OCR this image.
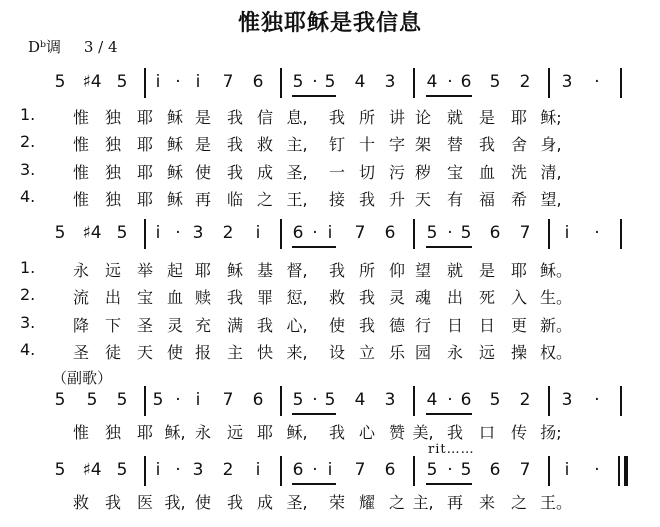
惟独耶稣是我信息
Dᵇ调 3 / 4
5	♯4 5	i · i	7	6	5 · 5	4	3	4 · 6	5	2	3	·
1.	惟 独 耶 稣 是 我 信 息, 我 所 讲 论 就 是 耶 稣;
2.	惟 独 耶 稣 是 我 救 主, 钉 十 字 架 替 我 舍 身,
3.	惟 独 耶 稣 使 我 成 圣, 一 切 污 秽 宝 血 洗 清,
4.	惟 独 耶 稣 再 临 之 王, 接 我 升 天 有 福 希 望,
5	♯4 5	i · 3	2	i	6 · i	7	6	5 · 5	6	7	i	·
1.	永 远 举 起 耶 稣 基 督, 我 所 仰 望 就 是 耶 稣。
2.	流 出 宝 血 赎 我 罪 愆, 救 我 灵 魂 出 死 入 生。
3.	降 下 圣 灵 充 满 我 心, 使 我 德 行 日 日 更 新。
4.	圣 徒 天 使 报 主 快 来, 设 立 乐 园 永 远 操 权。
（副歌）
5	5	5	5 · i	7	6	5 · 5	4	3	4 · 6	5	2	3	·
惟 独 耶 稣, 永 远 耶 稣, 我 心 赞 美, 我 口 传 扬;
rit……
5	♯4 5	i · 3	2	i	6 · i	7	6	5 · 5	6	7	i	·
救 我 医 我, 使 我 成 圣, 荣 耀 之 主, 再 来 之 王。
